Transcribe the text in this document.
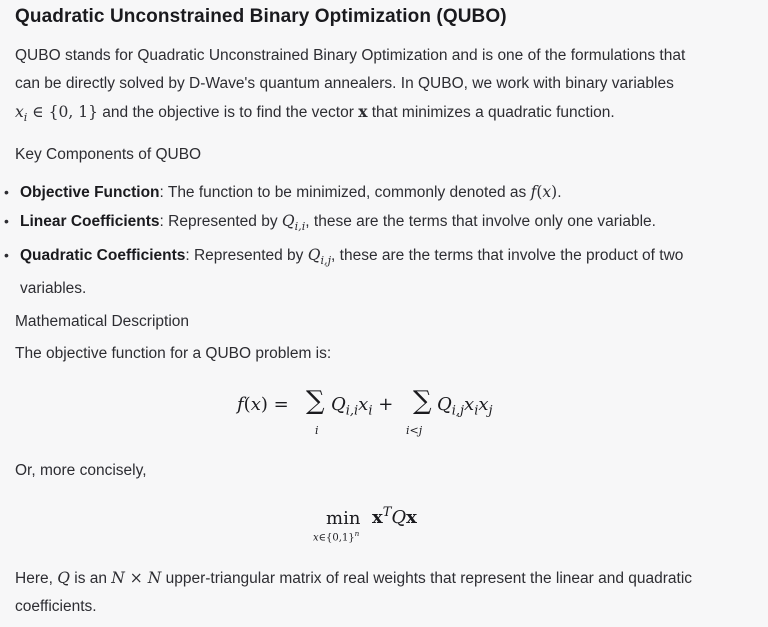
Quadratic Unconstrained Binary Optimization (QUBO)
QUBO stands for Quadratic Unconstrained Binary Optimization and is one of the formulations that
can be directly solved by D-Wave's quantum annealers. In QUBO, we work with binary variables
$x_i$ ∈ {0, 1} and the objective is to find the vector x that minimizes a quadratic function.
Key Components of QUBO
• Objective Function: The function to be minimized, commonly denoted as f(x).
• Linear Coefficients: Represented by $Q_{i,i}$, these are the terms that involve only one variable.
• Quadratic Coefficients: Represented by $Q_{i,j}$, these are the terms that involve the product of two
variables.
Mathematical Description
The objective function for a QUBO problem is:
f(x) = ∑
i
$Q_{i,i}x_i$ + ∑
i<j
$Q_{i,j}x_ix_j$
Or, more concisely,
min
$x\in\{0,1\}^n$
$x^TQx$
Here, Q is an N × N upper-triangular matrix of real weights that represent the linear and quadratic
coefficients.
